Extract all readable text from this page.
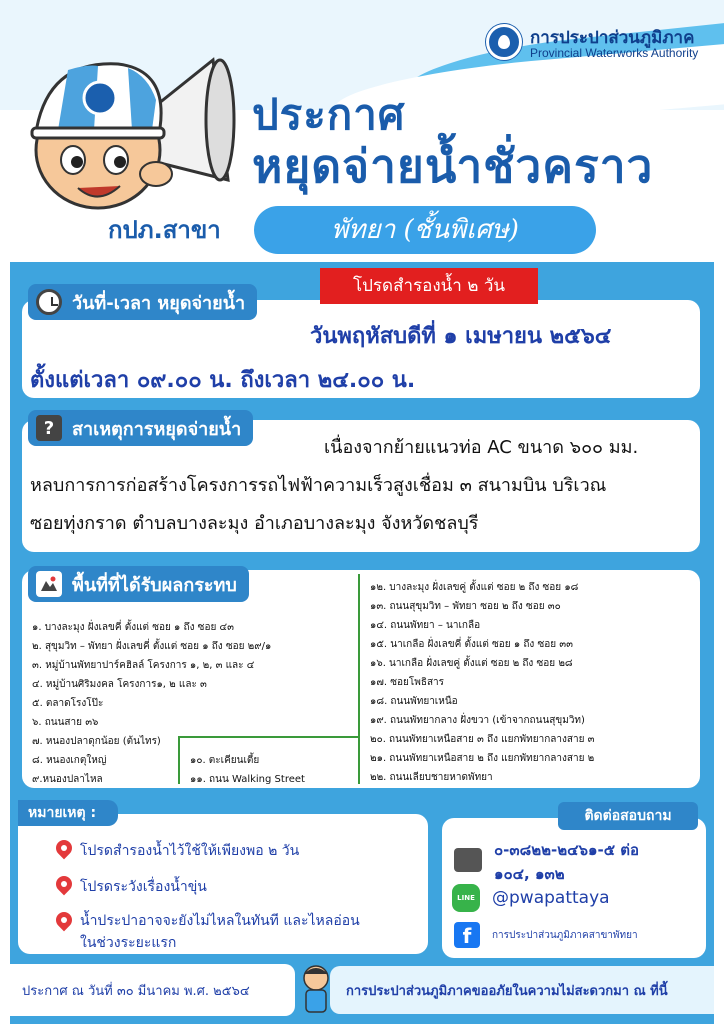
การประปาส่วนภูมิภาค
Provincial Waterworks Authority
ประกาศ
หยุดจ่ายน้ำชั่วคราว
กปภ.สาขา	พัทยา (ชั้นพิเศษ)
วันที่-เวลา หยุดจ่ายน้ำ
โปรดสำรองน้ำ ๒ วัน
วันพฤหัสบดีที่ ๑ เมษายน ๒๕๖๔
ตั้งแต่เวลา ๐๙.๐๐ น. ถึงเวลา ๒๔.๐๐ น.
? สาเหตุการหยุดจ่ายน้ำ
เนื่องจากย้ายแนวท่อ AC ขนาด ๖๐๐ มม.
หลบการการก่อสร้างโครงการรถไฟฟ้าความเร็วสูงเชื่อม ๓ สนามบิน บริเวณ
ซอยทุ่งกราด ตำบลบางละมุง อำเภอบางละมุง จังหวัดชลบุรี
พื้นที่ที่ได้รับผลกระทบ
๑. บางละมุง ฝั่งเลขคี่ ตั้งแต่ ซอย ๑ ถึง ซอย ๔๓
๒. สุขุมวิท – พัทยา ฝั่งเลขคี่ ตั้งแต่ ซอย ๑ ถึง ซอย ๒๙/๑
๓. หมู่บ้านพัทยาปาร์คฮิลล์ โครงการ ๑, ๒, ๓ และ ๔
๔. หมู่บ้านศิริมงคล โครงการ๑, ๒ และ ๓
๕. ตลาดโรงโป๊ะ
๖. ถนนสาย ๓๖
๗. หนองปลาดุกน้อย (ต้นไทร)
๘. หนองเกตุใหญ่
๙.หนองปลาไหล
๑๐. ตะเคียนเตี้ย
๑๑. ถนน Walking Street
๑๒. บางละมุง ฝั่งเลขคู่ ตั้งแต่ ซอย ๒ ถึง ซอย ๑๘
๑๓. ถนนสุขุมวิท – พัทยา ซอย ๒ ถึง ซอย ๓๐
๑๔. ถนนพัทยา – นาเกลือ
๑๕. นาเกลือ ฝั่งเลขคี่ ตั้งแต่ ซอย ๑ ถึง ซอย ๓๓
๑๖. นาเกลือ ฝั่งเลขคู่ ตั้งแต่ ซอย ๒ ถึง ซอย ๒๘
๑๗. ซอยโพธิสาร
๑๘. ถนนพัทยาเหนือ
๑๙. ถนนพัทยากลาง ฝั่งขวา (เข้าจากถนนสุขุมวิท)
๒๐. ถนนพัทยาเหนือสาย ๓ ถึง แยกพัทยากลางสาย ๓
๒๑. ถนนพัทยาเหนือสาย ๒ ถึง แยกพัทยากลางสาย ๒
๒๒. ถนนเลียบชายหาดพัทยา
หมายเหตุ :
โปรดสำรองน้ำไว้ใช้ให้เพียงพอ ๒ วัน
โปรดระวังเรื่องน้ำขุ่น
น้ำประปาอาจจะยังไม่ไหลในทันที และไหลอ่อน
ในช่วงระยะแรก
ติดต่อสอบถาม
๐-๓๘๒๒-๒๔๖๑-๕ ต่อ
๑๐๔, ๑๓๒
LINE	@pwapattaya
f	การประปาส่วนภูมิภาคสาขาพัทยา
ประกาศ ณ วันที่ ๓๐ มีนาคม พ.ศ. ๒๕๖๔	การประปาส่วนภูมิภาคขออภัยในความไม่สะดวกมา ณ ที่นี้
